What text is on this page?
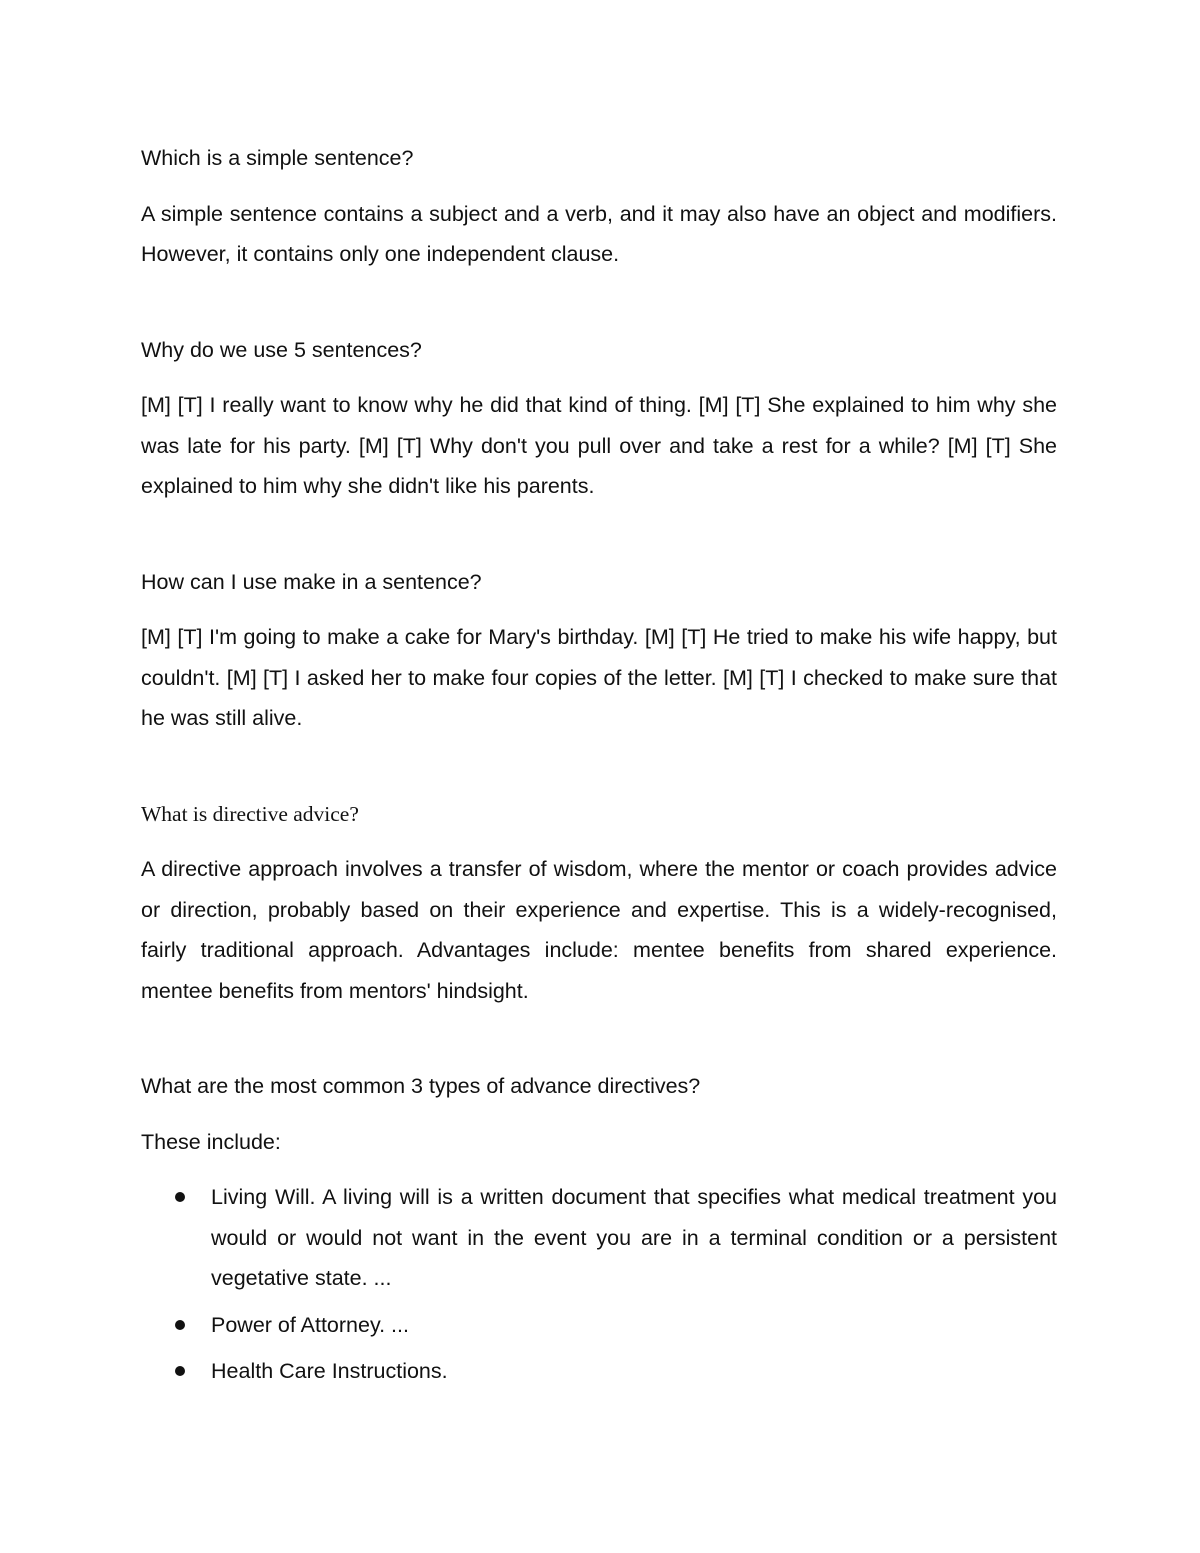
Which is a simple sentence?

A simple sentence contains a subject and a verb, and it may also have an object and modifiers. However, it contains only one independent clause.

Why do we use 5 sentences?

[M] [T] I really want to know why he did that kind of thing. [M] [T] She explained to him why she was late for his party. [M] [T] Why don't you pull over and take a rest for a while? [M] [T] She explained to him why she didn't like his parents.

How can I use make in a sentence?

[M] [T] I'm going to make a cake for Mary's birthday. [M] [T] He tried to make his wife happy, but couldn't. [M] [T] I asked her to make four copies of the letter. [M] [T] I checked to make sure that he was still alive.

What is directive advice?

A directive approach involves a transfer of wisdom, where the mentor or coach provides advice or direction, probably based on their experience and expertise. This is a widely-recognised, fairly traditional approach. Advantages include: mentee benefits from shared experience. mentee benefits from mentors' hindsight.

What are the most common 3 types of advance directives?

These include:

Living Will. A living will is a written document that specifies what medical treatment you would or would not want in the event you are in a terminal condition or a persistent vegetative state. ...
Power of Attorney. ...
Health Care Instructions.
